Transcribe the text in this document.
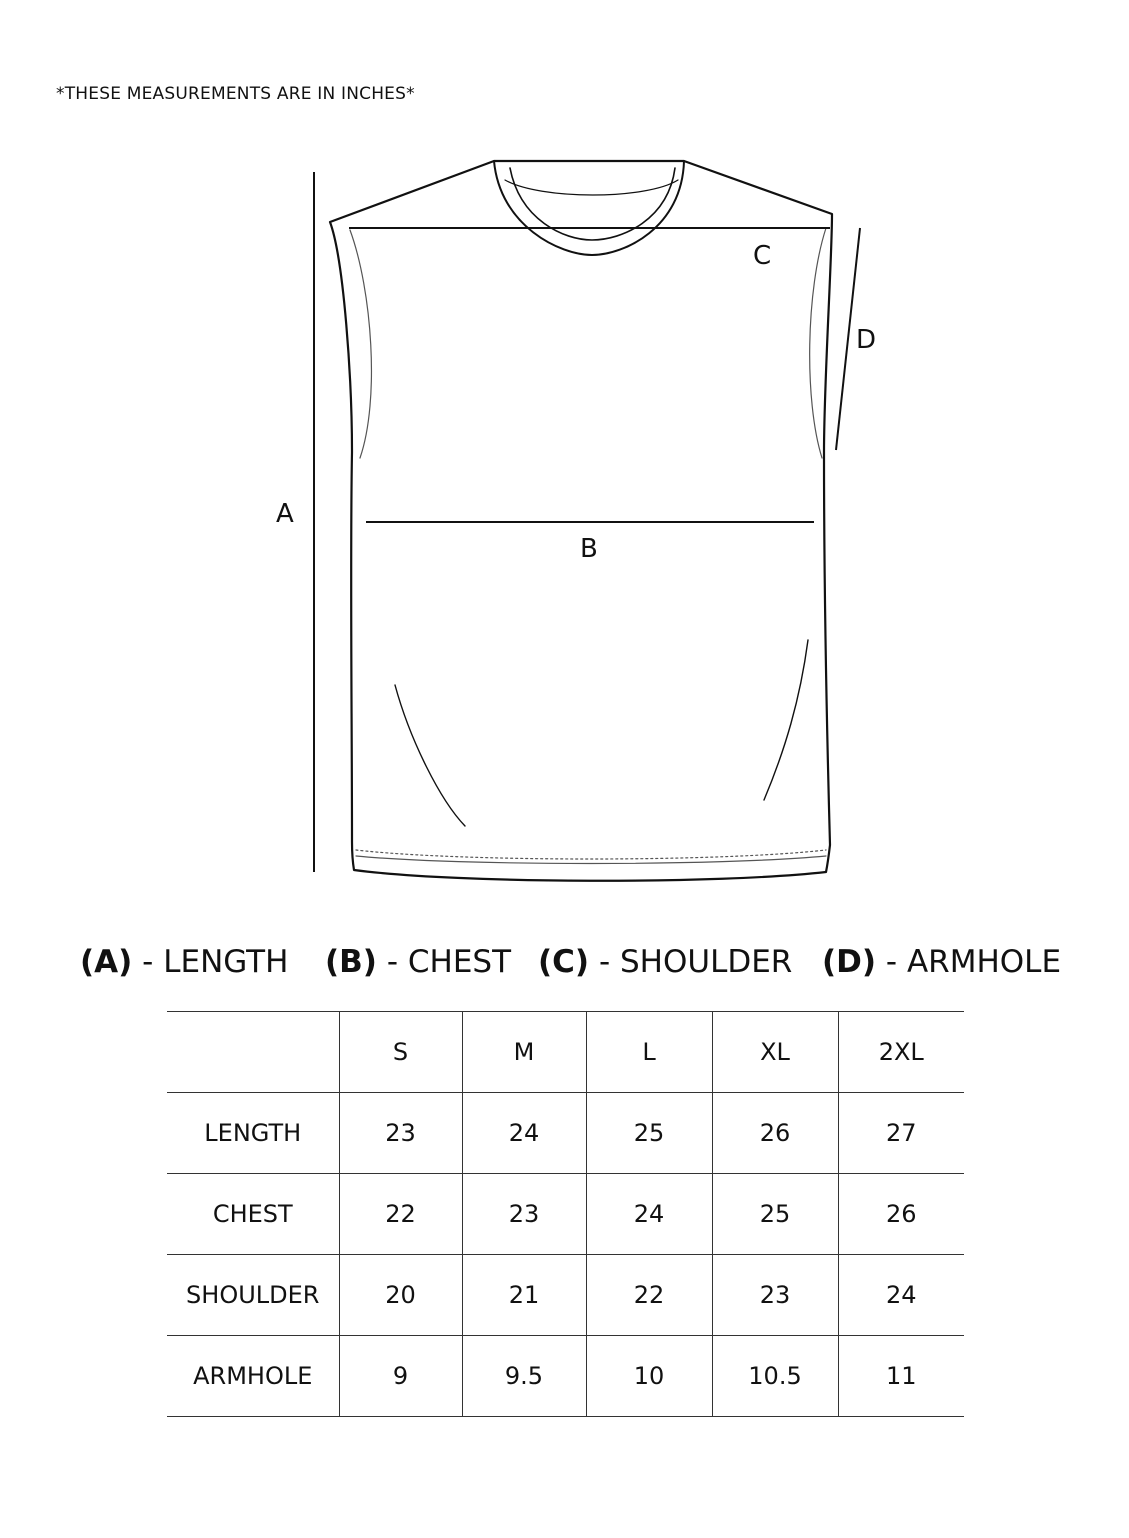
*THESE MEASUREMENTS ARE IN INCHES*
A
B
C
D
(A) - LENGTH (B) - CHEST (C) - SHOULDER (D) - ARMHOLE
	S	M	L	XL	2XL
LENGTH	23	24	25	26	27
CHEST	22	23	24	25	26
SHOULDER	20	21	22	23	24
ARMHOLE	9	9.5	10	10.5	11
